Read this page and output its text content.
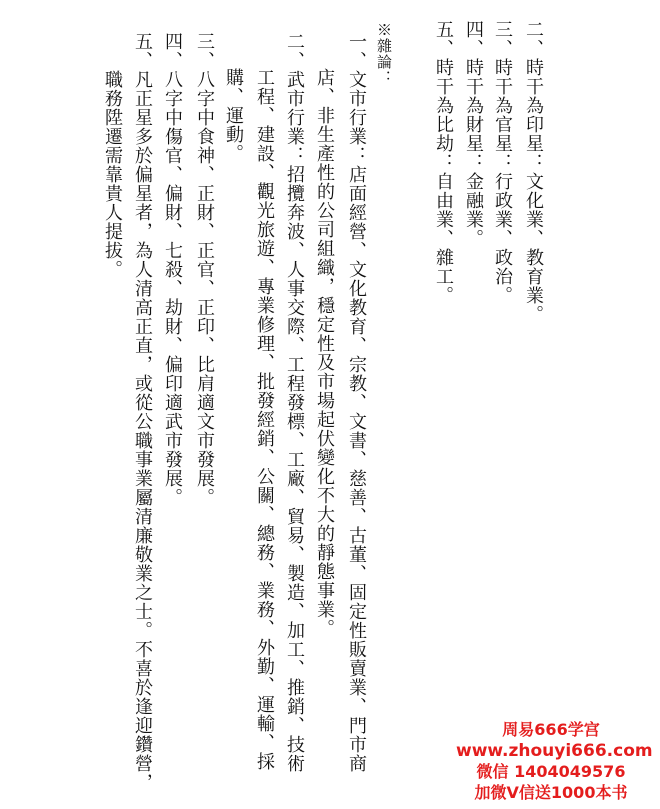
二、時干為印星：文化業、教育業。
三、時干為官星：行政業、政治。
四、時干為財星：金融業。
五、時干為比劫：自由業、雜工。
※雜論：
一、文市行業：店面經營、文化教育、宗教、文書、慈善、古董、固定性販賣業、門市商
店、非生產性的公司組織，穩定性及市場起伏變化不大的靜態事業。
二、武市行業：招攬奔波、人事交際、工程發標、工廠、貿易、製造、加工、推銷、技術
工程、建設、觀光旅遊、專業修理、批發經銷、公關、總務、業務、外勤、運輸、採
購、運動。
三、八字中食神、正財、正官、正印、比肩適文市發展。
四、八字中傷官、偏財、七殺、劫財、偏印適武市發展。
五、凡正星多於偏星者，為人清高正直，或從公職事業屬清廉敬業之士。不喜於逢迎鑽營，
職務陞遷需靠貴人提拔。
周易666学宫
www.zhouyi666.com
微信 1404049576
加微V信送1000本书
